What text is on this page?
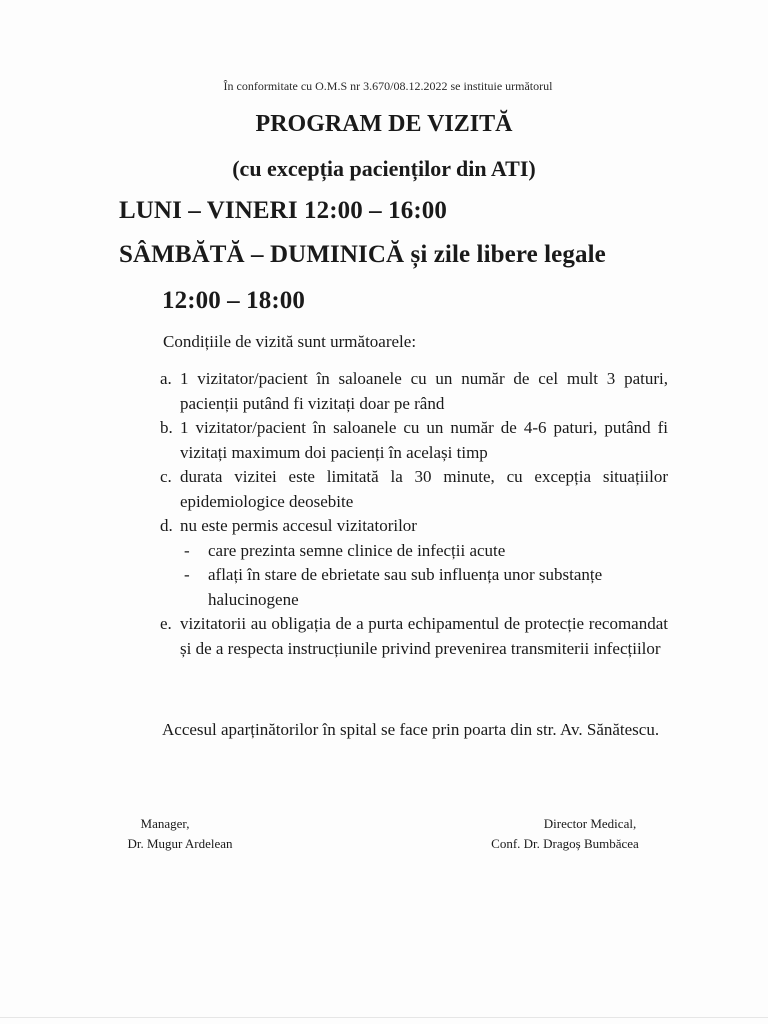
În conformitate cu O.M.S nr 3.670/08.12.2022 se instituie următorul
PROGRAM DE VIZITĂ
(cu excepția pacienților din ATI)
LUNI – VINERI 12:00 – 16:00
SÂMBĂTĂ – DUMINICĂ și zile libere legale
12:00 – 18:00
Condițiile de vizită sunt următoarele:
a. 1 vizitator/pacient în saloanele cu un număr de cel mult 3 paturi, pacienții putând fi vizitați doar pe rând
b. 1 vizitator/pacient în saloanele cu un număr de 4-6 paturi, putând fi vizitați maximum doi pacienți în același timp
c. durata vizitei este limitată la 30 minute, cu excepția situațiilor epidemiologice deosebite
d. nu este permis accesul vizitatorilor
-	care prezinta semne clinice de infecții acute
-	aflați în stare de ebrietate sau sub influența unor substanțe halucinogene
e. vizitatorii au obligația de a purta echipamentul de protecție recomandat și de a respecta instrucțiunile privind prevenirea transmiterii infecțiilor
Accesul aparținătorilor în spital se face prin poarta din str. Av. Sănătescu.
Manager,
Dr. Mugur Ardelean
Director Medical,
Conf. Dr. Dragoș Bumbăcea
